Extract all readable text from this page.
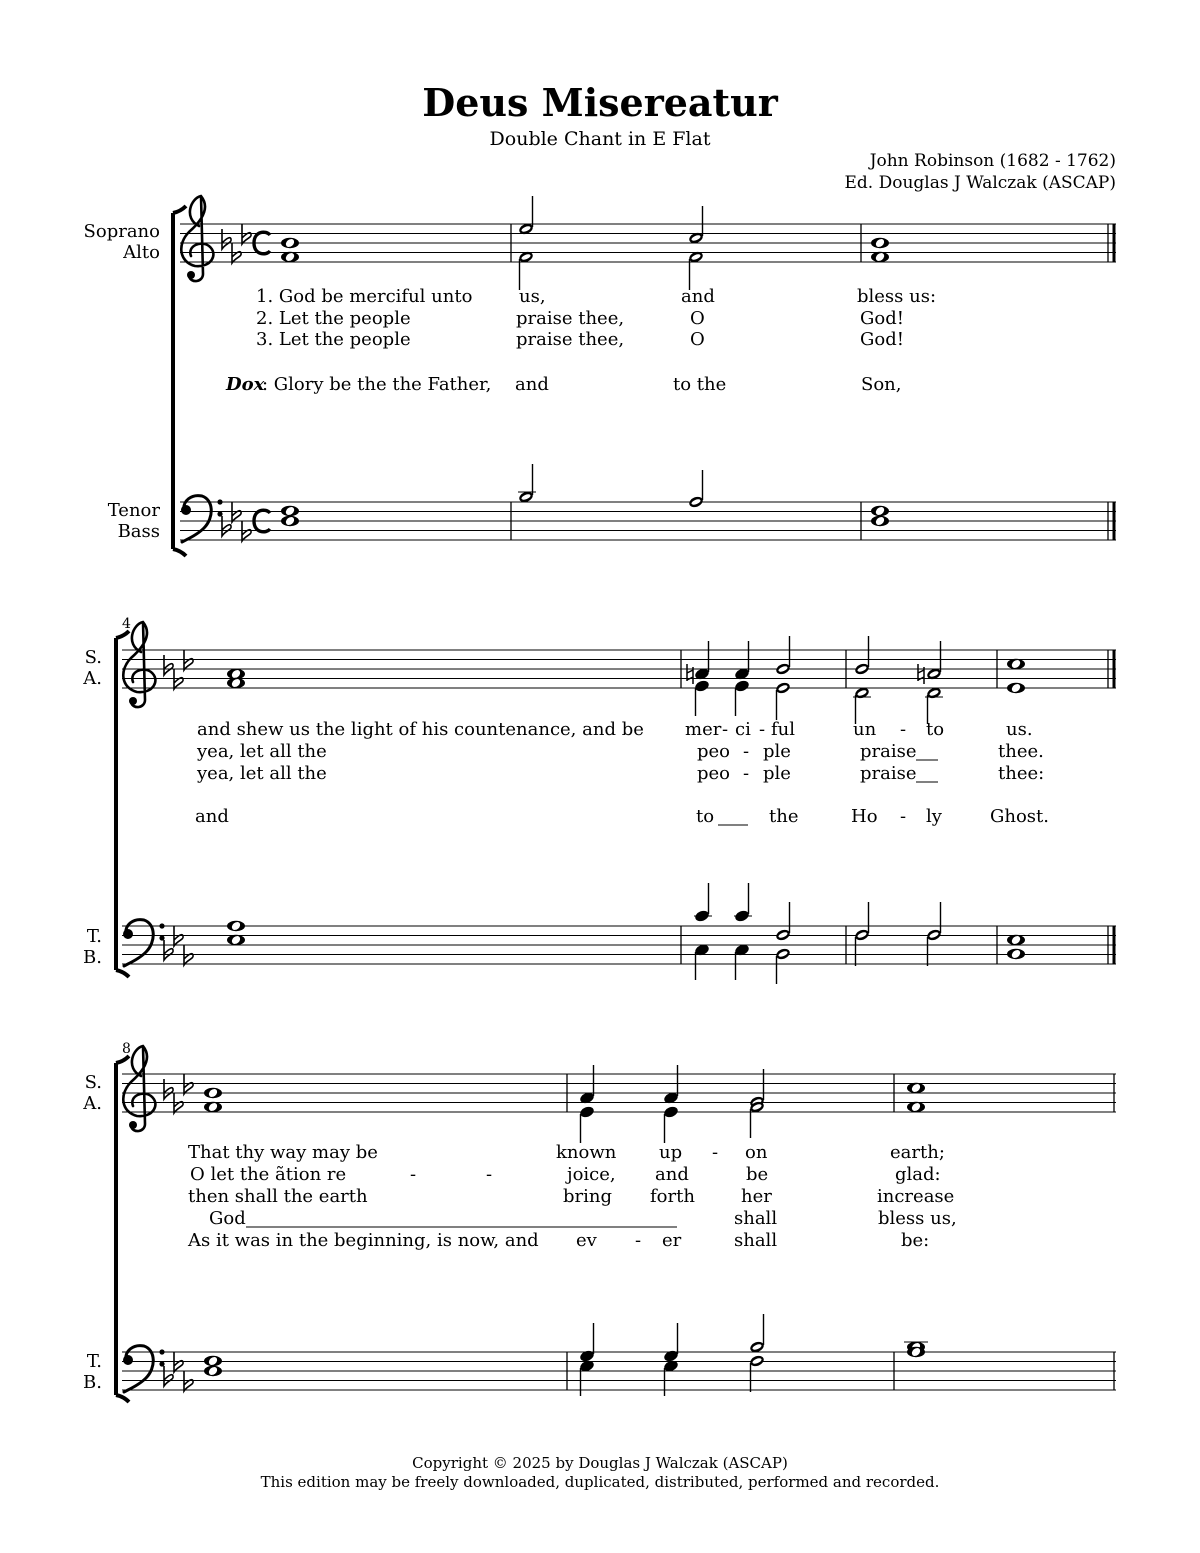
Deus Misereatur
Double Chant in E Flat
John Robinson (1682 - 1762)
Ed. Douglas J Walczak (ASCAP)
Soprano
Alto
Tenor
Bass
1. God be merciful unto	us,	and	bless us:
2. Let the people	praise thee,	O	God!
3. Let the people	praise thee,	O	God!
Dox
: Glory be the the Father, and	to the	Son,
4
S.
A.
T.
B.
and shew us the light of his countenance, and be mer - ci - ful	un - to	us.
yea, let all the	peo - ple	praise	thee.
yea, let all the	peo - ple	praise	thee:
and	to	the	Ho - ly	Ghost.
8
S.
A.
T.
B.
That thy way may be	known up - on	earth;
O let the ãtion re	-	-	joice, and	be	glad:
then shall the earth	bring forth	her	increase
God	shall	bless us,
As it was in the beginning, is now, and ev - er	shall	be:
Copyright © 2025 by Douglas J Walczak (ASCAP)
This edition may be freely downloaded, duplicated, distributed, performed and recorded.
